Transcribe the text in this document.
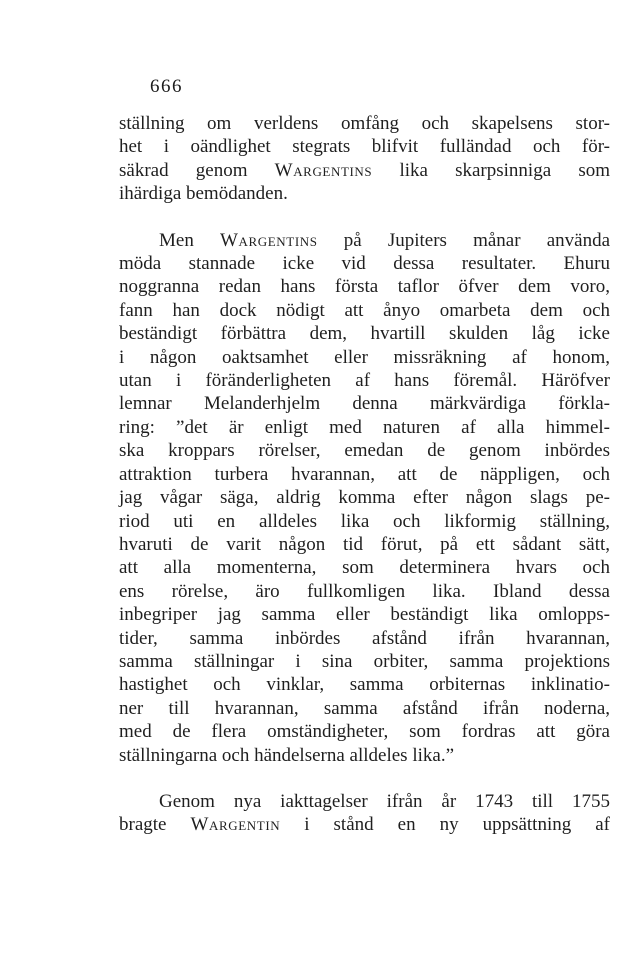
666
ställning om verldens omfång och skapelsens stor-
het i oändlighet stegrats blifvit fulländad och för-
säkrad genom Wargentins lika skarpsinniga som
ihärdiga bemödanden.
Men Wargentins på Jupiters månar använda
möda stannade icke vid dessa resultater. Ehuru
noggranna redan hans första taflor öfver dem voro,
fann han dock nödigt att ånyo omarbeta dem och
beständigt förbättra dem, hvartill skulden låg icke
i någon oaktsamhet eller missräkning af honom,
utan i föränderligheten af hans föremål. Häröfver
lemnar Melanderhjelm denna märkvärdiga förkla-
ring: ”det är enligt med naturen af alla himmel-
ska kroppars rörelser, emedan de genom inbördes
attraktion turbera hvarannan, att de näppligen, och
jag vågar säga, aldrig komma efter någon slags pe-
riod uti en alldeles lika och likformig ställning,
hvaruti de varit någon tid förut, på ett sådant sätt,
att alla momenterna, som determinera hvars och
ens rörelse, äro fullkomligen lika. Ibland dessa
inbegriper jag samma eller beständigt lika omlopps-
tider, samma inbördes afstånd ifrån hvarannan,
samma ställningar i sina orbiter, samma projektions
hastighet och vinklar, samma orbiternas inklinatio-
ner till hvarannan, samma afstånd ifrån noderna,
med de flera omständigheter, som fordras att göra
ställningarna och händelserna alldeles lika.”
Genom nya iakttagelser ifrån år 1743 till 1755
bragte Wargentin i stånd en ny uppsättning af
